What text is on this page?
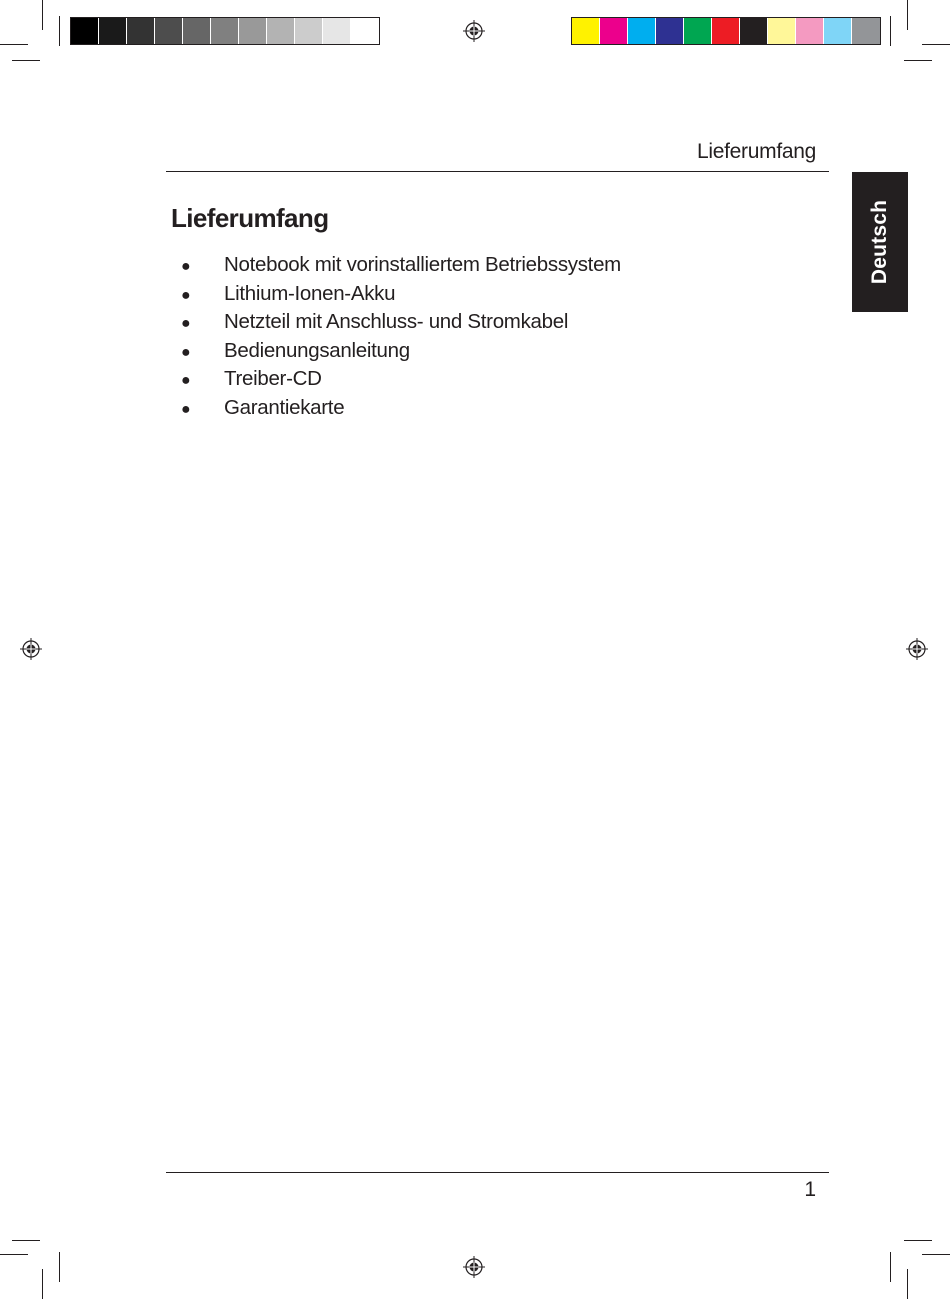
Lieferumfang
Deutsch
Lieferumfang
●	Notebook mit vorinstalliertem Betriebssystem
●	Lithium-Ionen-Akku
●	Netzteil mit Anschluss- und Stromkabel
●	Bedienungsanleitung
●	Treiber-CD
●	Garantiekarte
1
